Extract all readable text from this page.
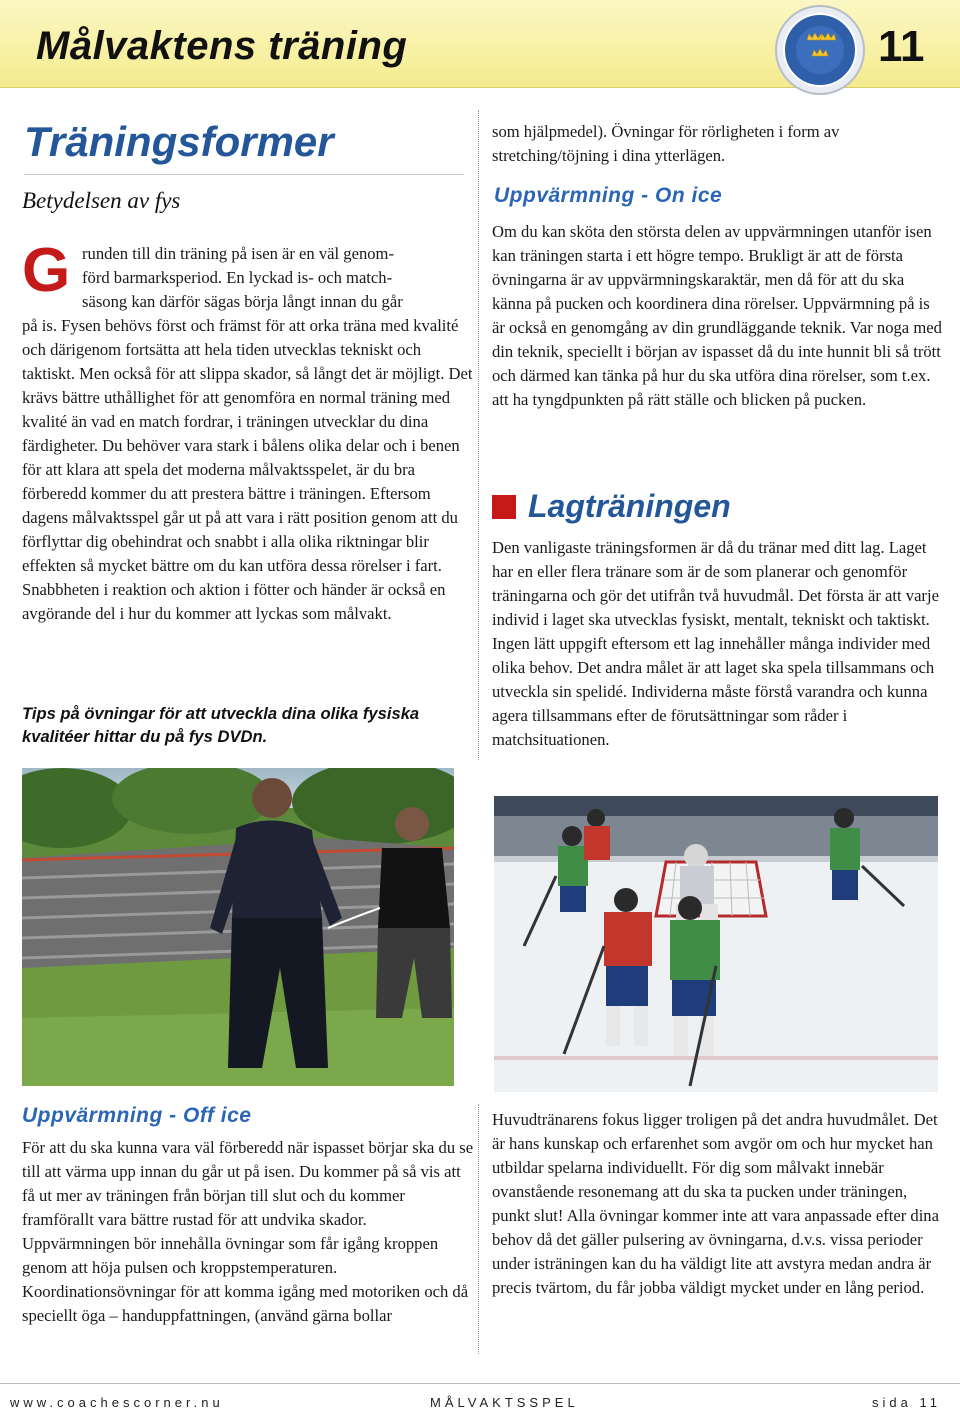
Målvaktens träning	11
Träningsformer
Betydelsen av fys
G runden till din träning på isen är en väl genom-
förd barmarksperiod. En lyckad is- och match-
säsong kan därför sägas börja långt innan du går
på is. Fysen behövs först och främst för att orka träna med kvalité och därigenom fortsätta att hela tiden utvecklas tekniskt och taktiskt. Men också för att slippa skador, så långt det är möjligt. Det krävs bättre uthållighet för att genomföra en normal träning med kvalité än vad en match fordrar, i träningen utvecklar du dina färdigheter. Du behöver vara stark i bålens olika delar och i benen för att klara att spela det moderna målvaktsspelet, är du bra förberedd kommer du att prestera bättre i träningen. Eftersom dagens målvaktsspel går ut på att vara i rätt position genom att du förflyttar dig obehindrat och snabbt i alla olika riktningar blir effekten så mycket bättre om du kan utföra dessa rörelser i fart. Snabbheten i reaktion och aktion i fötter och händer är också en avgörande del i hur du kommer att lyckas som målvakt.
Tips på övningar för att utveckla dina olika fysiska kvalitéer hittar du på fys DVDn.
som hjälpmedel). Övningar för rörligheten i form av stretching/töjning i dina ytterlägen.
Uppvärmning - On ice
Om du kan sköta den största delen av uppvärmningen utanför isen kan träningen starta i ett högre tempo. Brukligt är att de första övningarna är av uppvärmningskaraktär, men då för att du ska känna på pucken och koordinera dina rörelser. Uppvärmning på is är också en genomgång av din grundläggande teknik. Var noga med din teknik, speciellt i början av ispasset då du inte hunnit bli så trött och därmed kan tänka på hur du ska utföra dina rörelser, som t.ex. att ha tyngdpunkten på rätt ställe och blicken på pucken.
Lagträningen
Den vanligaste träningsformen är då du tränar med ditt lag. Laget har en eller flera tränare som är de som planerar och genomför träningarna och gör det utifrån två huvudmål. Det första är att varje individ i laget ska utvecklas fysiskt, mentalt, tekniskt och taktiskt. Ingen lätt uppgift eftersom ett lag innehåller många individer med olika behov. Det andra målet är att laget ska spela tillsammans och utveckla sin spelidé. Individerna måste förstå varandra och kunna agera tillsammans efter de förutsättningar som råder i matchsituationen.
Uppvärmning - Off ice
För att du ska kunna vara väl förberedd när ispasset börjar ska du se till att värma upp innan du går ut på isen. Du kommer på så vis att få ut mer av träningen från början till slut och du kommer framförallt vara bättre rustad för att undvika skador. Uppvärmningen bör innehålla övningar som får igång kroppen genom att höja pulsen och kroppstemperaturen. Koordinationsövningar för att komma igång med motoriken och då speciellt öga – handuppfattningen, (använd gärna bollar
Huvudtränarens fokus ligger troligen på det andra huvudmålet. Det är hans kunskap och erfarenhet som avgör om och hur mycket han utbildar spelarna individuellt. För dig som målvakt innebär ovanstående resonemang att du ska ta pucken under träningen, punkt slut! Alla övningar kommer inte att vara anpassade efter dina behov då det gäller pulsering av övningarna, d.v.s. vissa perioder under isträningen kan du ha väldigt lite att avstyra medan andra är precis tvärtom, du får jobba väldigt mycket under en lång period.
www.coachescorner.nu	MÅLVAKTSSPEL	sida 11
